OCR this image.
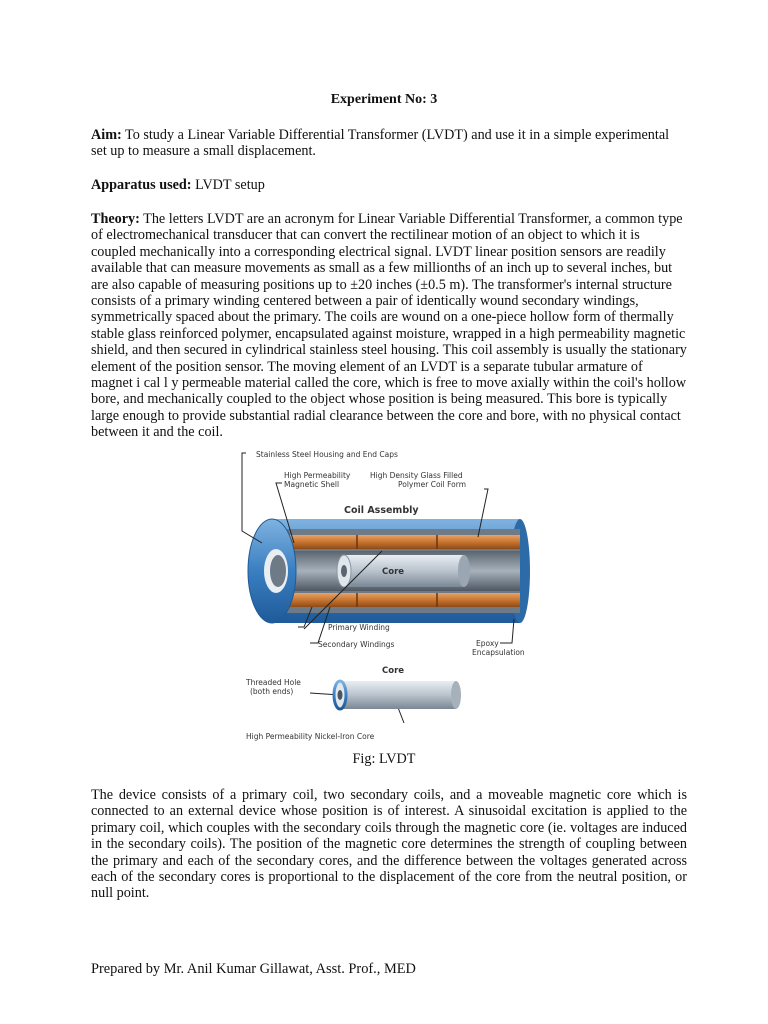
Experiment No: 3

Aim: To study a Linear Variable Differential Transformer (LVDT) and use it in a simple experimental set up to measure a small displacement.

Apparatus used: LVDT setup

Theory: The letters LVDT are an acronym for Linear Variable Differential Transformer, a common type of electromechanical transducer that can convert the rectilinear motion of an object to which it is coupled mechanically into a corresponding electrical signal. LVDT linear position sensors are readily available that can measure movements as small as a few millionths of an inch up to several inches, but are also capable of measuring positions up to ±20 inches (±0.5 m). The transformer's internal structure consists of a primary winding centered between a pair of identically wound secondary windings, symmetrically spaced about the primary. The coils are wound on a one-piece hollow form of thermally stable glass reinforced polymer, encapsulated against moisture, wrapped in a high permeability magnetic shield, and then secured in cylindrical stainless steel housing. This coil assembly is usually the stationary element of the position sensor. The moving element of an LVDT is a separate tubular armature of magnet i cal l y permeable material called the core, which is free to move axially within the coil's hollow bore, and mechanically coupled to the object whose position is being measured. This bore is typically large enough to provide substantial radial clearance between the core and bore, with no physical contact between it and the coil.

Stainless Steel Housing and End Caps
High Permeability
Magnetic Shell
High Density Glass Filled
Polymer Coil Form
Coil Assembly
Core
Primary Winding
Secondary Windings	Epoxy
Encapsulation
Core
Threaded Hole
(both ends)
High Permeability Nickel-Iron Core

Fig: LVDT

The device consists of a primary coil, two secondary coils, and a moveable magnetic core which is connected to an external device whose position is of interest. A sinusoidal excitation is applied to the primary coil, which couples with the secondary coils through the magnetic core (ie. voltages are induced in the secondary coils). The position of the magnetic core determines the strength of coupling between the primary and each of the secondary cores, and the difference between the voltages generated across each of the secondary cores is proportional to the displacement of the core from the neutral position, or null point.

Prepared by Mr. Anil Kumar Gillawat, Asst. Prof., MED
